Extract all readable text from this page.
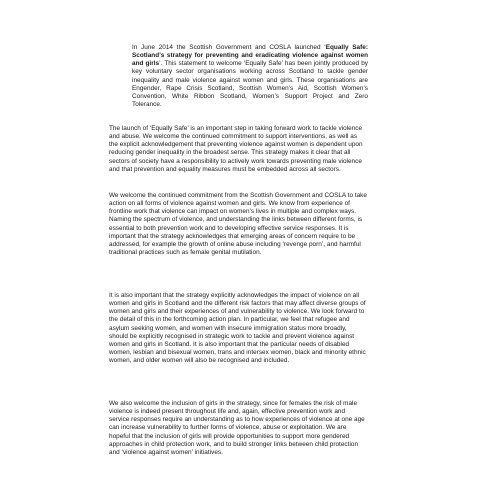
In June 2014 the Scottish Government and COSLA launched ‘Equally Safe: Scotland’s strategy for preventing and eradicating violence against women and girls’. This statement to welcome ‘Equally Safe’ has been jointly produced by key voluntary sector organisations working across Scotland to tackle gender inequality and male violence against women and girls. These organisations are Engender, Rape Crisis Scotland, Scottish Women’s Aid, Scottish Women’s Convention, White Ribbon Scotland, Women’s Support Project and Zero Tolerance.

The launch of ‘Equally Safe’ is an important step in taking forward work to tackle violence and abuse. We welcome the continued commitment to support interventions, as well as the explicit acknowledgement that preventing violence against women is dependent upon reducing gender inequality in the broadest sense. This strategy makes it clear that all sectors of society have a responsibility to actively work towards preventing male violence and that prevention and equality measures must be embedded across all sectors.

We welcome the continued commitment from the Scottish Government and COSLA to take action on all forms of violence against women and girls. We know from experience of frontline work that violence can impact on women’s lives in multiple and complex ways. Naming the spectrum of violence, and understanding the links between different forms, is essential to both prevention work and to developing effective service responses. It is important that the strategy acknowledges that emerging areas of concern require to be addressed, for example the growth of online abuse including ‘revenge porn’, and harmful traditional practices such as female genital mutilation.

It is also important that the strategy explicitly acknowledges the impact of violence on all women and girls in Scotland and the different risk factors that may affect diverse groups of women and girls and their experiences of and vulnerability to violence. We look forward to the detail of this in the forthcoming action plan. In particular, we feel that refugee and asylum seeking women, and women with insecure immigration status more broadly, should be explicitly recognised in strategic work to tackle and prevent violence against women and girls in Scotland. It is also important that the particular needs of disabled women, lesbian and bisexual women, trans and intersex women, black and minority ethnic women, and older women will also be recognised and included.

We also welcome the inclusion of girls in the strategy, since for females the risk of male violence is indeed present throughout life and, again, effective prevention work and service responses require an understanding as to how experiences of violence at one age can increase vulnerability to further forms of violence, abuse or exploitation. We are hopeful that the inclusion of girls will provide opportunities to support more gendered approaches in child protection work, and to build stronger links between child protection and ‘violence against women’ initiatives.
